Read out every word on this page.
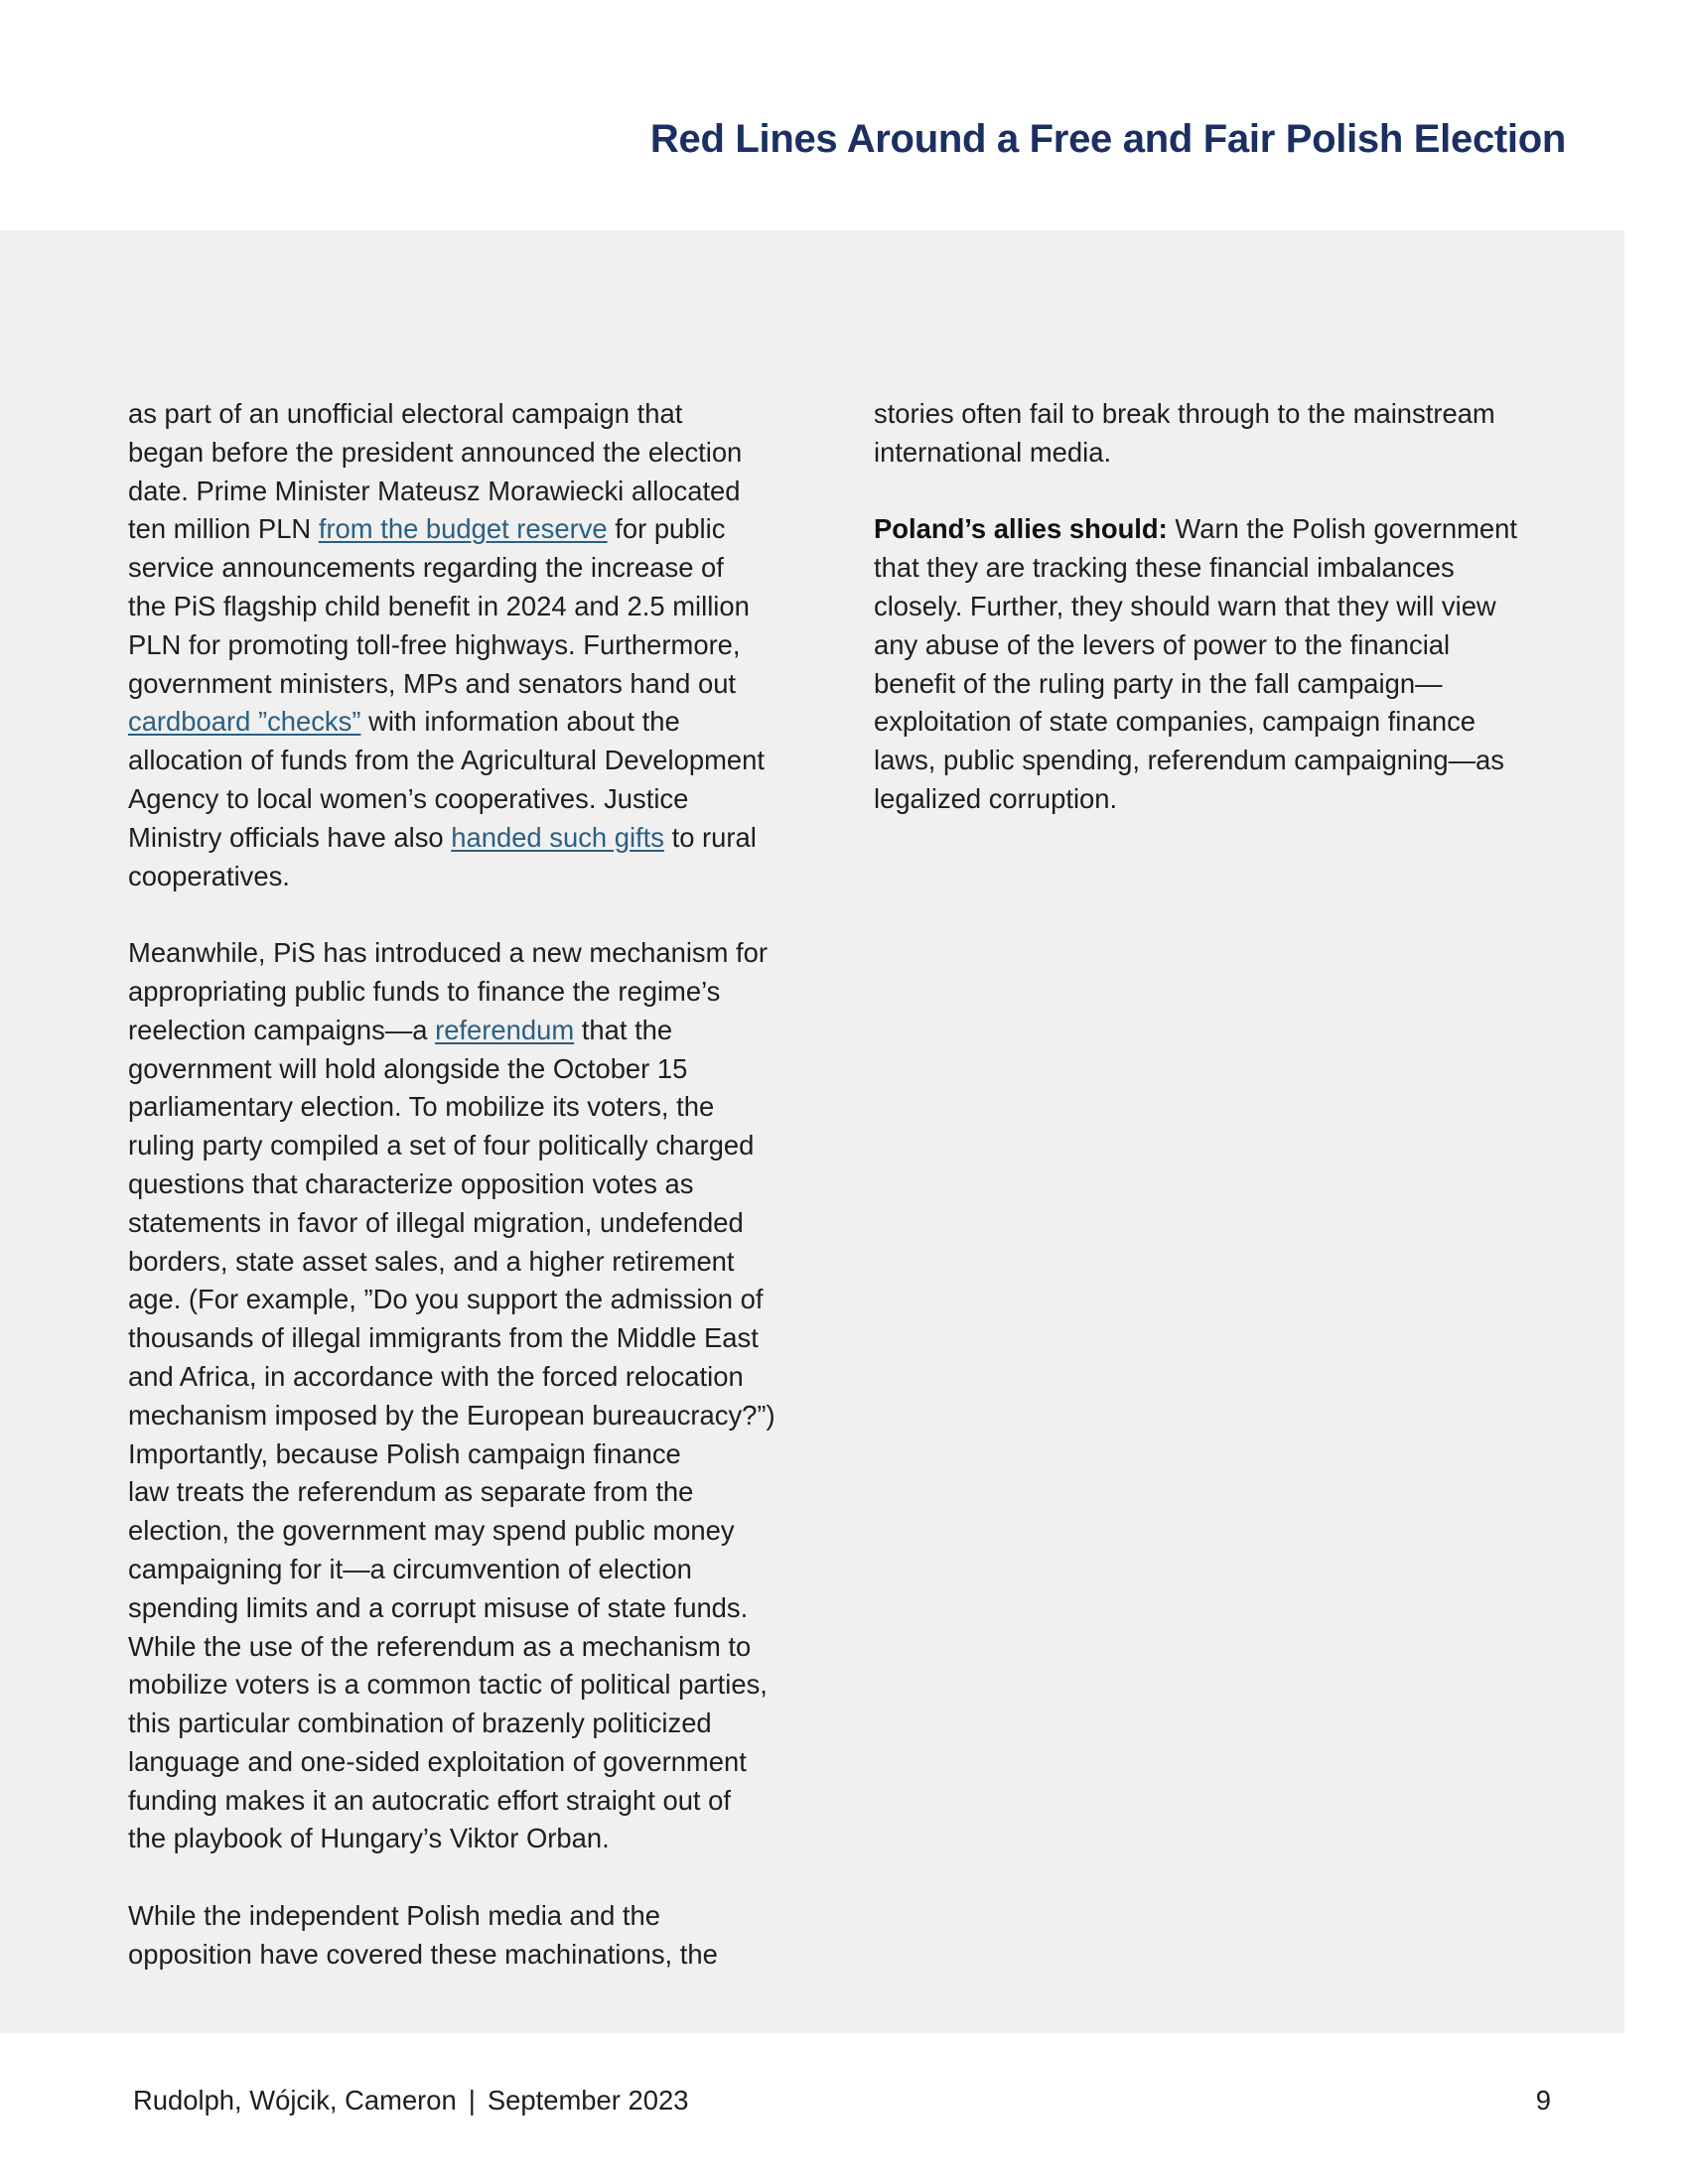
Red Lines Around a Free and Fair Polish Election

as part of an unofficial electoral campaign that
began before the president announced the election
date. Prime Minister Mateusz Morawiecki allocated
ten million PLN from the budget reserve for public
service announcements regarding the increase of
the PiS flagship child benefit in 2024 and 2.5 million
PLN for promoting toll-free highways. Furthermore,
government ministers, MPs and senators hand out
cardboard ”checks” with information about the
allocation of funds from the Agricultural Development
Agency to local women’s cooperatives. Justice
Ministry officials have also handed such gifts to rural
cooperatives.

Meanwhile, PiS has introduced a new mechanism for
appropriating public funds to finance the regime’s
reelection campaigns—a referendum that the
government will hold alongside the October 15
parliamentary election. To mobilize its voters, the
ruling party compiled a set of four politically charged
questions that characterize opposition votes as
statements in favor of illegal migration, undefended
borders, state asset sales, and a higher retirement
age. (For example, ”Do you support the admission of
thousands of illegal immigrants from the Middle East
and Africa, in accordance with the forced relocation
mechanism imposed by the European bureaucracy?”)
Importantly, because Polish campaign finance
law treats the referendum as separate from the
election, the government may spend public money
campaigning for it—a circumvention of election
spending limits and a corrupt misuse of state funds.
While the use of the referendum as a mechanism to
mobilize voters is a common tactic of political parties,
this particular combination of brazenly politicized
language and one-sided exploitation of government
funding makes it an autocratic effort straight out of
the playbook of Hungary’s Viktor Orban.

While the independent Polish media and the
opposition have covered these machinations, the

stories often fail to break through to the mainstream
international media.

Poland’s allies should: Warn the Polish government
that they are tracking these financial imbalances
closely. Further, they should warn that they will view
any abuse of the levers of power to the financial
benefit of the ruling party in the fall campaign—
exploitation of state companies, campaign finance
laws, public spending, referendum campaigning—as
legalized corruption.

Rudolph, Wójcik, Cameron | September 2023	9
